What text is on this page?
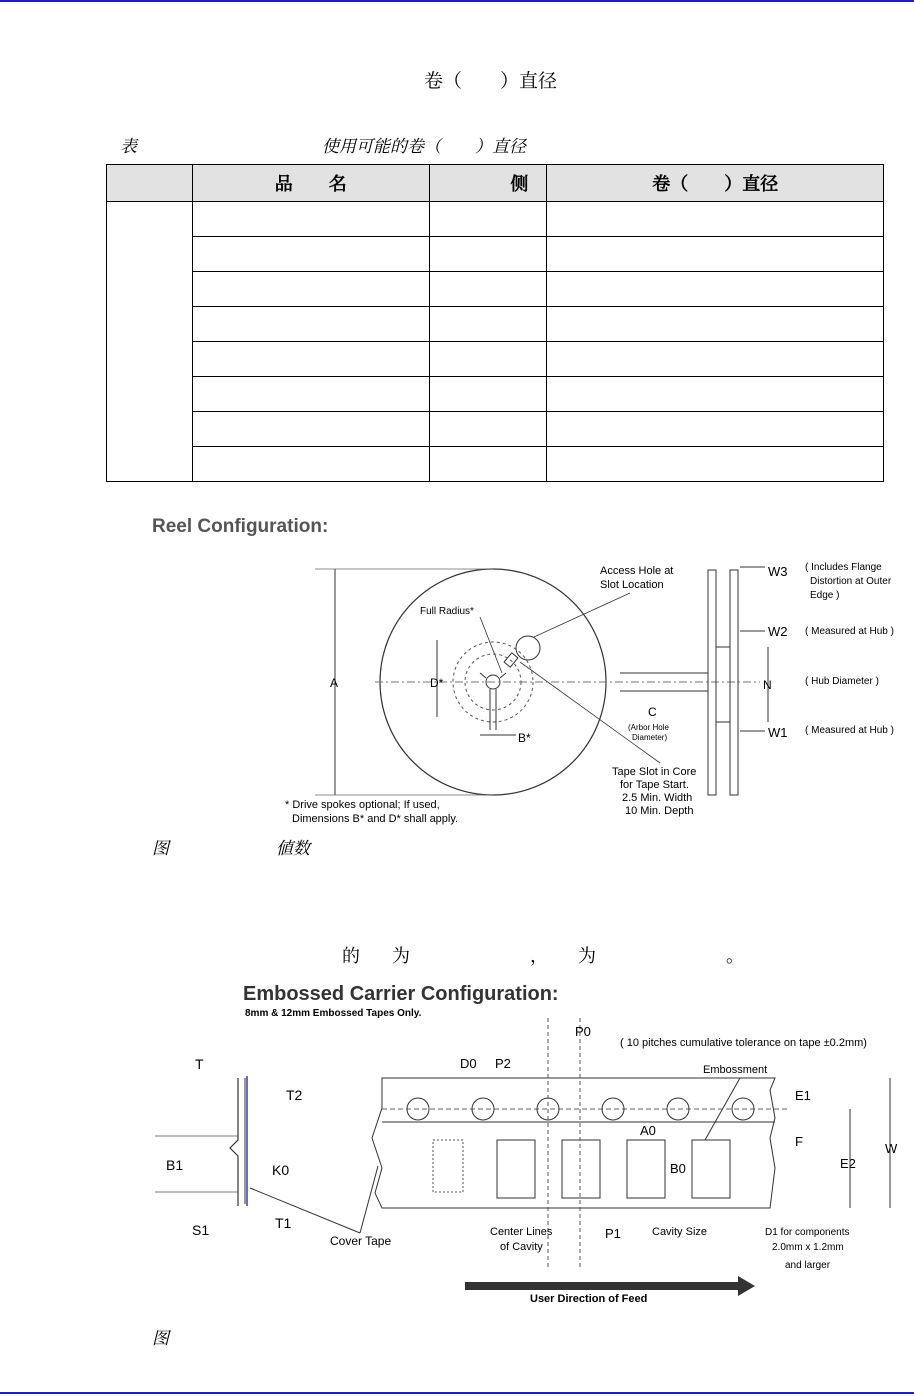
卷（　　）直径
表	使用可能的卷（　　）直径
	品　　名	侧	卷（　　）直径

Reel Configuration:
A	D*
B*
Full Radius*
Access Hole at
Slot Location
Tape Slot in Core
for Tape Start.
2.5 Min. Width
10 Min. Depth
C
(Arbor Hole
Diameter)
N	( Hub Diameter )
W3 ( Includes Flange
Distortion at Outer
Edge )
W2 ( Measured at Hub )
W1 ( Measured at Hub )
* Drive spokes optional; If used,
Dimensions B* and D* shall apply.
图	値数
的 为	， 为	。
Embossed Carrier Configuration:
8mm & 12mm Embossed Tapes Only.
T
T2
B1	K0
S1	T1
Cover Tape
D0 P2
P0
( 10 pitches cumulative tolerance on tape ±0.2mm)
Embossment
E1
F	W
E2
A0
B0
Center Lines
of Cavity
P1	Cavity Size	D1 for components
2.0mm x 1.2mm
and larger
User Direction of Feed
图
